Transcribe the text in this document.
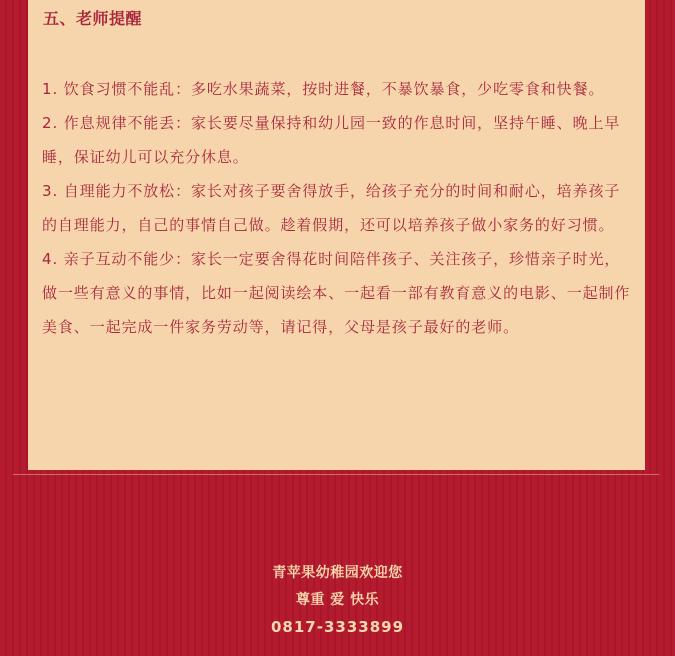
五、老师提醒

1. 饮食习惯不能乱：多吃水果蔬菜，按时进餐，不暴饮暴食，少吃零食和快餐。

2. 作息规律不能丢：家长要尽量保持和幼儿园一致的作息时间，坚持午睡、晚上早睡，保证幼儿可以充分休息。

3. 自理能力不放松：家长对孩子要舍得放手，给孩子充分的时间和耐心，培养孩子的自理能力，自己的事情自己做。趁着假期，还可以培养孩子做小家务的好习惯。

4. 亲子互动不能少：家长一定要舍得花时间陪伴孩子、关注孩子，珍惜亲子时光，做一些有意义的事情，比如一起阅读绘本、一起看一部有教育意义的电影、一起制作美食、一起完成一件家务劳动等，请记得，父母是孩子最好的老师。

青苹果幼稚园欢迎您
尊重 爱 快乐
0817-3333899
